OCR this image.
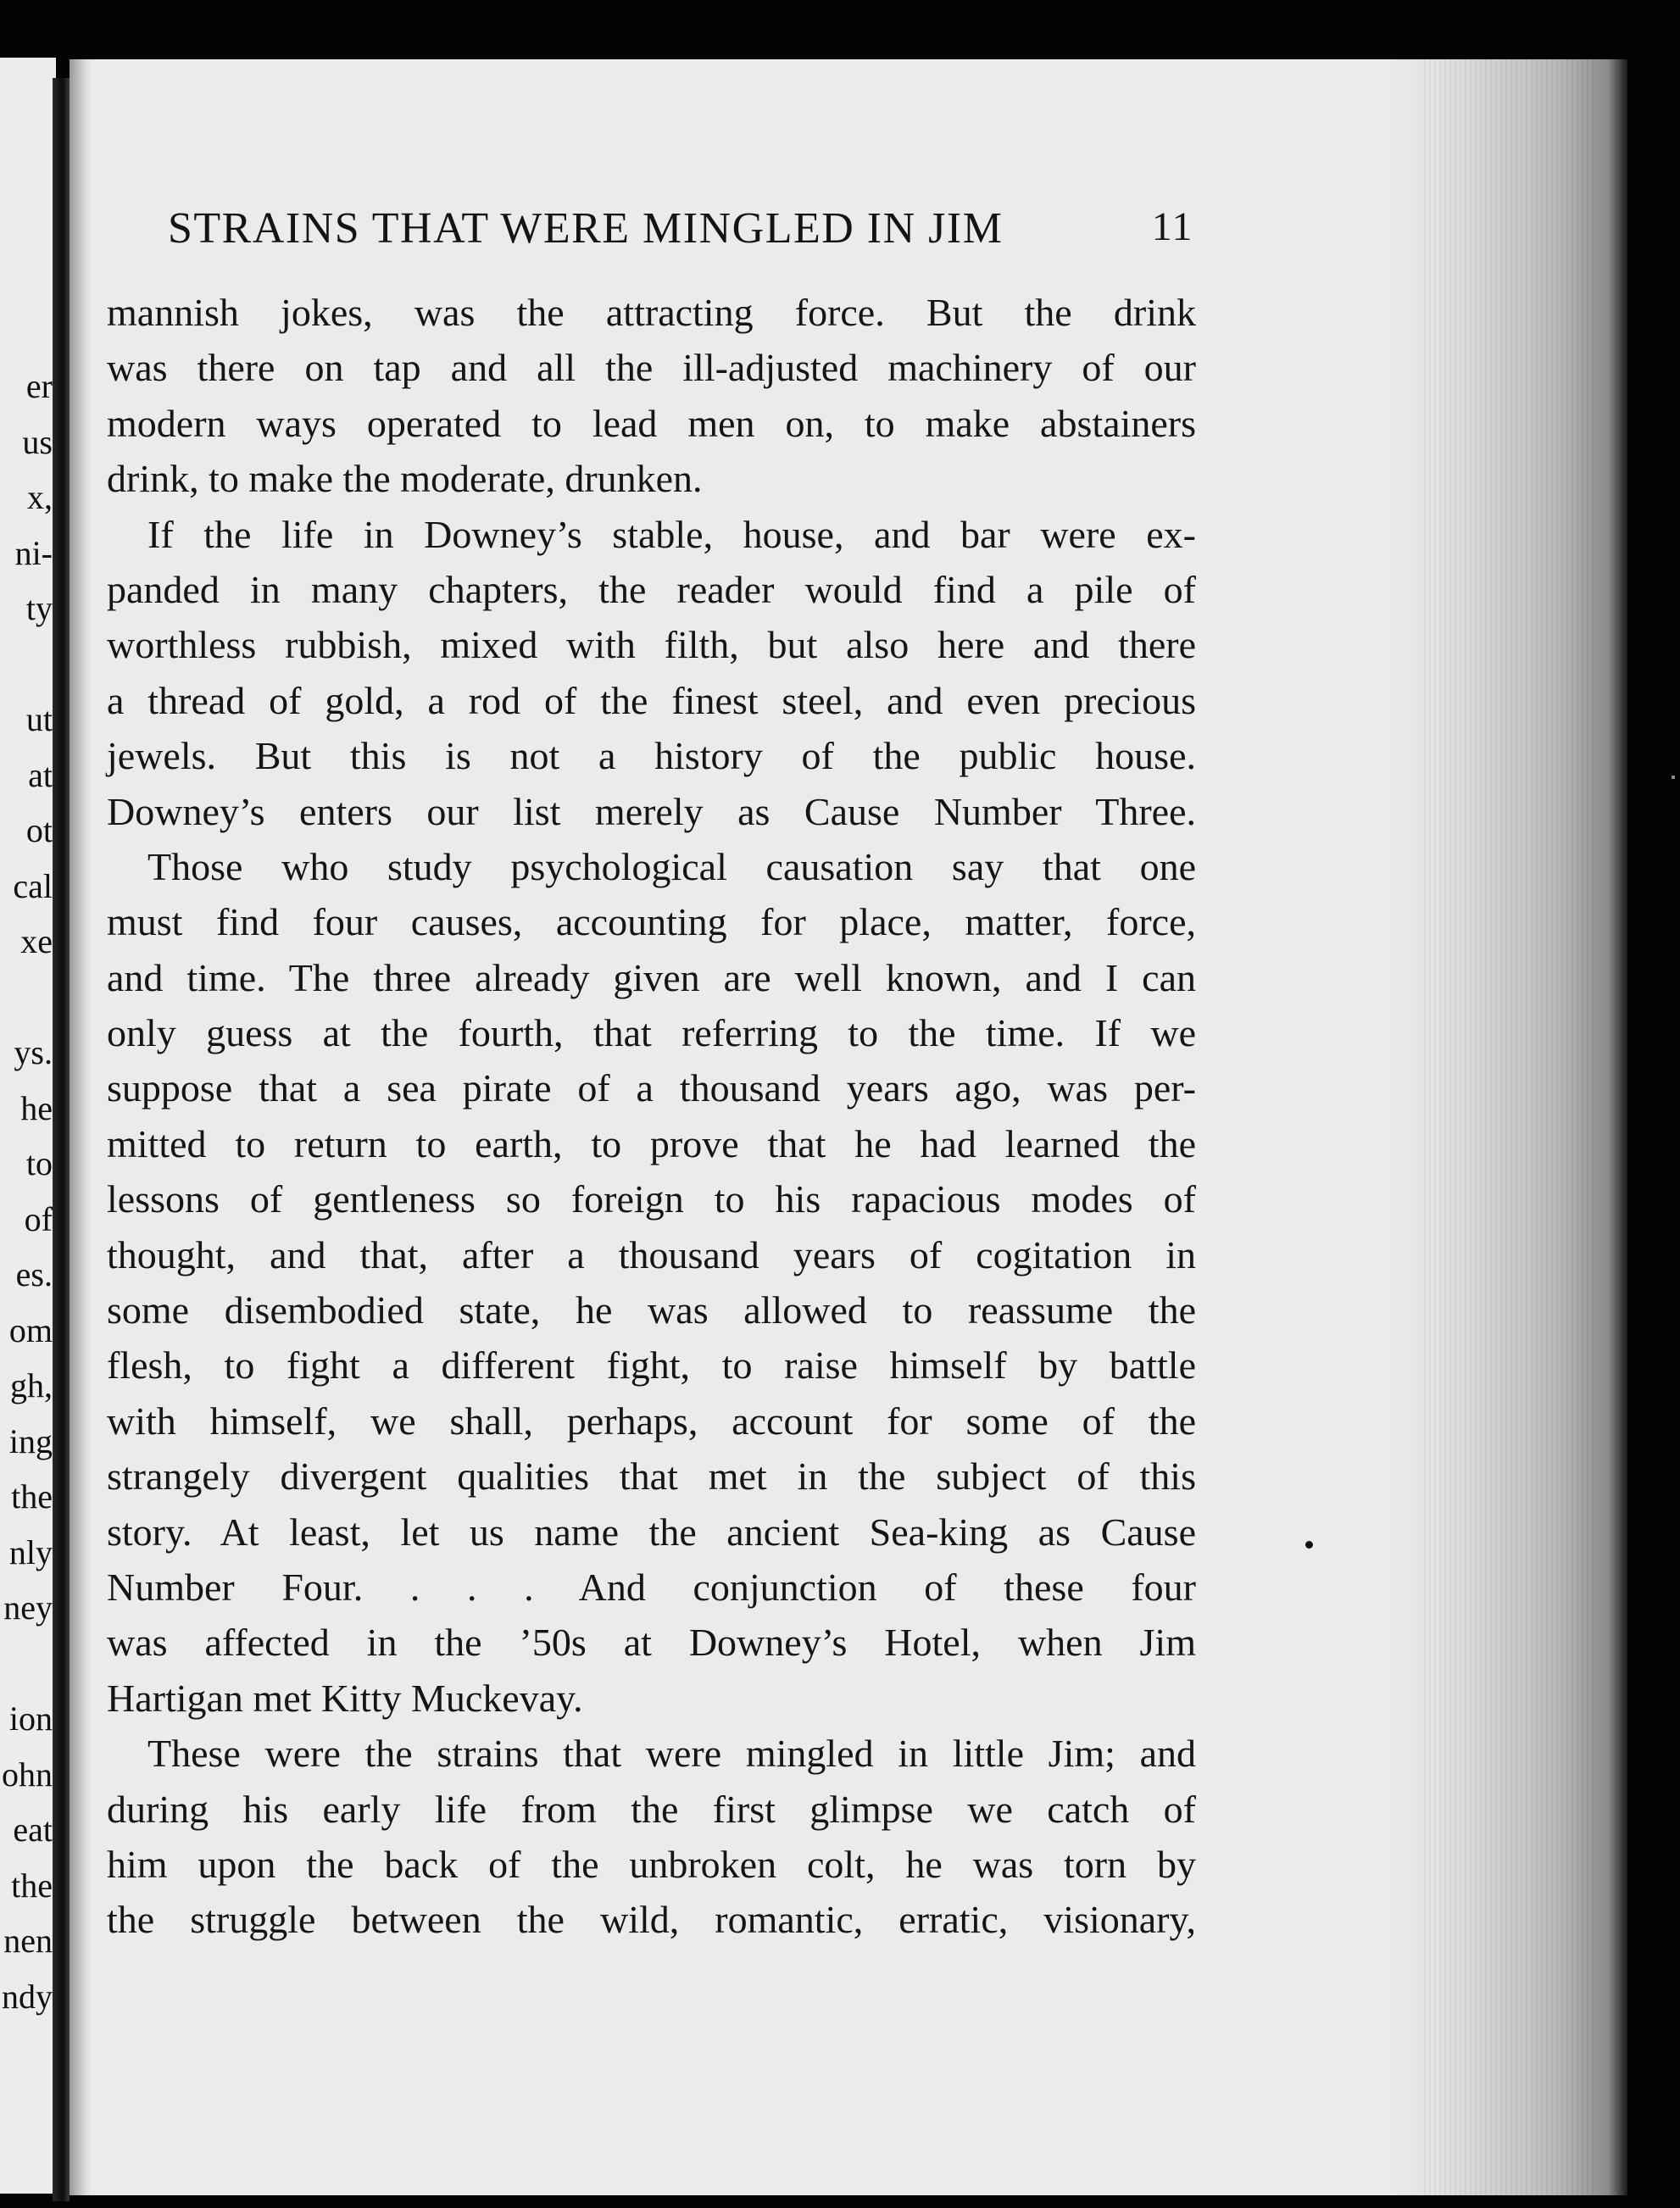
er
us
x,
ni-
ty
ut
at
ot
cal
xe
ys.
he
to
of
es.
om
gh,
ing
the
nly
ney
ion
ohn
eat
the
nen
ndy
STRAINS THAT WERE MINGLED IN JIM	11
mannish jokes, was the attracting force. But the drink
was there on tap and all the ill-adjusted machinery of our
modern ways operated to lead men on, to make abstainers
drink, to make the moderate, drunken.
If the life in Downey’s stable, house, and bar were ex-
panded in many chapters, the reader would find a pile of
worthless rubbish, mixed with filth, but also here and there
a thread of gold, a rod of the finest steel, and even precious
jewels. But this is not a history of the public house.
Downey’s enters our list merely as Cause Number Three.
Those who study psychological causation say that one
must find four causes, accounting for place, matter, force,
and time. The three already given are well known, and I can
only guess at the fourth, that referring to the time. If we
suppose that a sea pirate of a thousand years ago, was per-
mitted to return to earth, to prove that he had learned the
lessons of gentleness so foreign to his rapacious modes of
thought, and that, after a thousand years of cogitation in
some disembodied state, he was allowed to reassume the
flesh, to fight a different fight, to raise himself by battle
with himself, we shall, perhaps, account for some of the
strangely divergent qualities that met in the subject of this
story. At least, let us name the ancient Sea-king as Cause
Number Four. . . . And conjunction of these four
was affected in the ’50s at Downey’s Hotel, when Jim
Hartigan met Kitty Muckevay.
These were the strains that were mingled in little Jim; and
during his early life from the first glimpse we catch of
him upon the back of the unbroken colt, he was torn by
the struggle between the wild, romantic, erratic, visionary,
